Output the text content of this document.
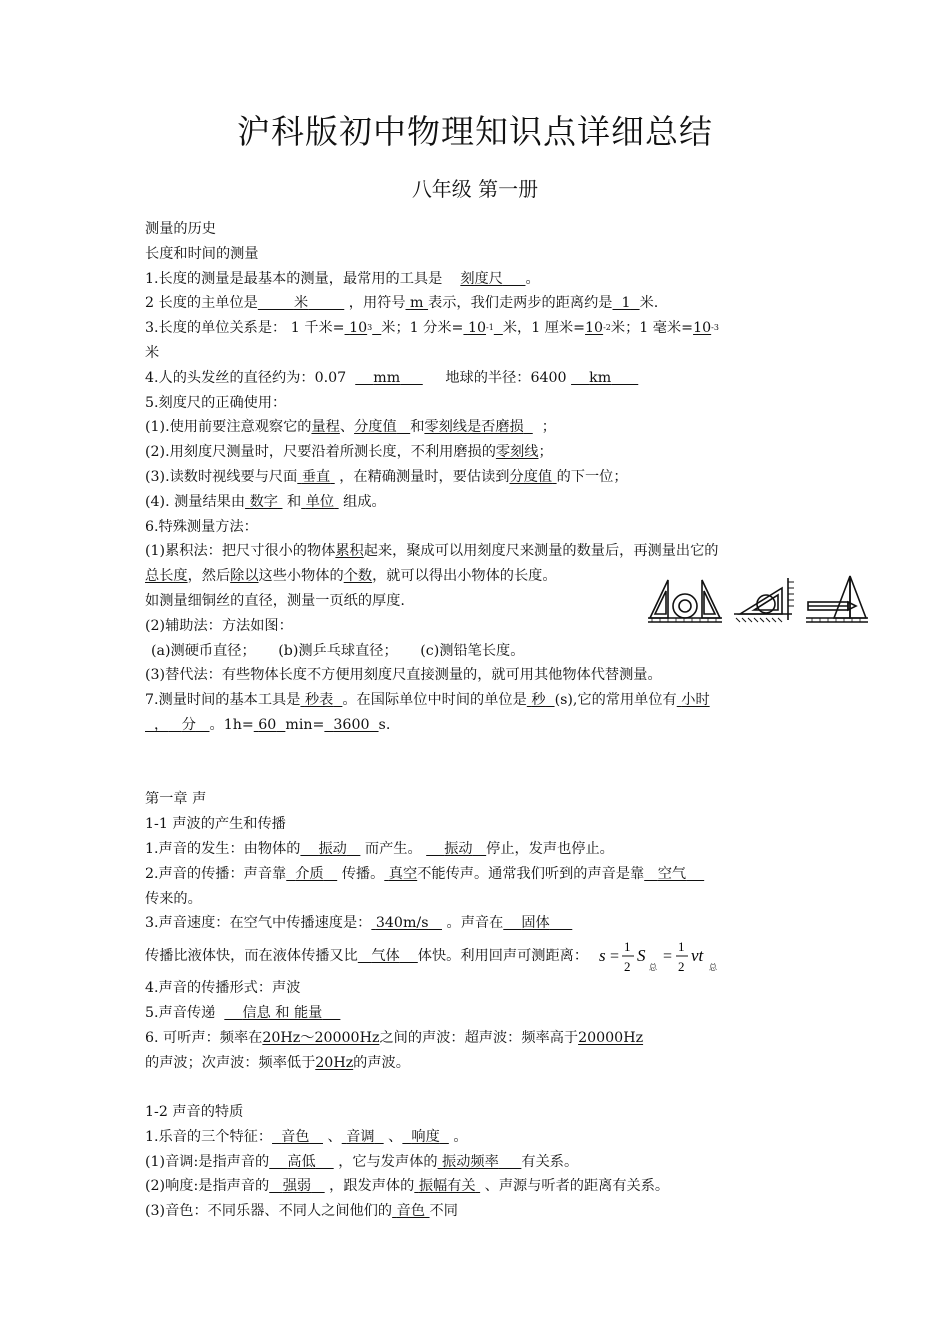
沪科版初中物理知识点详细总结
八年级 第一册
测量的历史
长度和时间的测量
1.长度的测量是最基本的测量，最常用的工具是 刻度尺 。
2 长度的主单位是	米	，用符号 m 表示，我们走两步的距离约是 1 米.
3.长度的单位关系是： 1 千米= $10^3$ 米；1 分米= $10^{-1}$ 米，1 厘米$=10^{-2}$米；1 毫米$=10^{-3}$
米
4.人的头发丝的直径约为：0.07 mm	地球的半径：6400 km
5.刻度尺的正确使用：
(1).使用前要注意观察它的量程、分度值 和零刻线是否磨损 ；
(2).用刻度尺测量时，尺要沿着所测长度，不利用磨损的零刻线；
(3).读数时视线要与尺面 垂直 ，在精确测量时，要估读到分度值 的下一位；
(4). 测量结果由 数字 和 单位 组成。
6.特殊测量方法：
(1)累积法：把尺寸很小的物体累积起来，聚成可以用刻度尺来测量的数量后，再测量出它的
总长度，然后除以这些小物体的个数，就可以得出小物体的长度。
如测量细铜丝的直径，测量一页纸的厚度.
(2)辅助法：方法如图：
(a)测硬币直径； (b)测乒乓球直径； (c)测铅笔长度。
(3)替代法：有些物体长度不方便用刻度尺直接测量的，就可用其他物体代替测量。
7.测量时间的基本工具是 秒表 。在国际单位中时间的单位是 秒 (s),它的常用单位有 小时
， 分 。1h= 60 min= 3600 s.
第一章 声
1-1 声波的产生和传播
1.声音的发生：由物体的 振动 而产生。 振动 停止，发声也停止。
2.声音的传播：声音靠 介质 传播。 真空不能传声。通常我们听到的声音是靠 空气
传来的。
3.声音速度：在空气中传播速度是： 340m/s 。声音在 固体
传播比液体快，而在液体传播又比 气体 体快。利用回声可测距离： s =
1
2
S
总
=
1
2
vt
总
4.声音的传播形式：声波
5.声音传递 信息 和 能量
6. 可听声：频率在20Hz～20000Hz之间的声波：超声波：频率高于20000Hz
的声波；次声波：频率低于20Hz的声波。
1-2 声音的特质
1.乐音的三个特征： 音色 、 音调 、 响度 。
(1)音调:是指声音的 高低 ，它与发声体的 振动频率 有关系。
(2)响度:是指声音的 强弱 ，跟发声体的 振幅有关 、声源与听者的距离有关系。
(3)音色：不同乐器、不同人之间他们的 音色 不同
